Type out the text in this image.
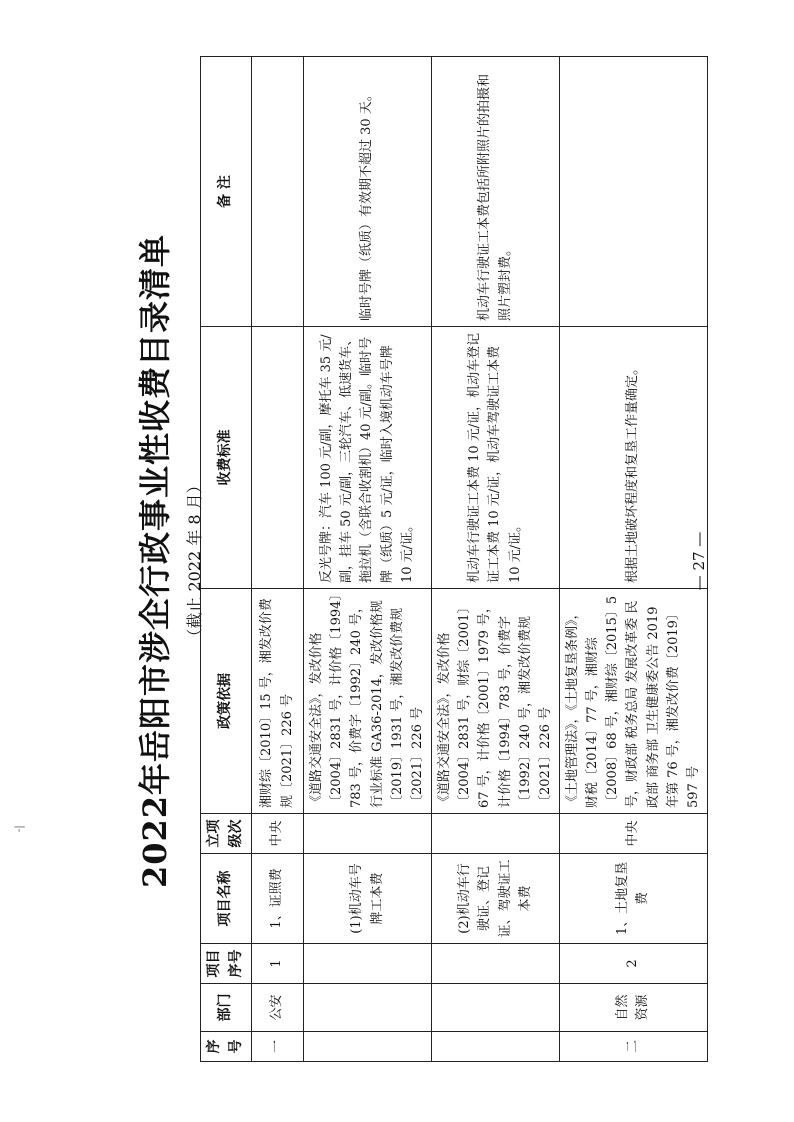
-|	2022年岳阳市涉企行政事业性收费目录清单 （截止 2022 年 8 月）
序号	部门	项目序号	项目名称	立项级次	政策依据	收费标准	备 注
一	公安	1	1、证照费	中央	湘财综〔2010〕15 号，湘发改价费规〔2021〕226 号		
			(1)机动车号牌工本费		《道路交通安全法》，发改价格〔2004〕2831 号，计价格〔1994〕783 号，价费字〔1992〕240 号，行业标准 GA36-2014，发改价格规〔2019〕1931 号，湘发改价费规〔2021〕226 号	反光号牌：汽车 100 元/副，摩托车 35 元/副，挂车 50 元/副，三轮汽车、低速货车、拖拉机（含联合收割机）40 元/副。临时号牌（纸质）5 元/证，临时入境机动车号牌 10 元/证。	临时号牌（纸质）有效期不超过 30 天。
			(2)机动车行驶证、登记证、驾驶证工本费		《道路交通安全法》，发改价格〔2004〕2831 号，财综〔2001〕67 号，计价格〔2001〕1979 号，计价格〔1994〕783 号，价费字〔1992〕240 号，湘发改价费规〔2021〕226 号	机动车行驶证工本费 10 元/证，机动车登记证工本费 10 元/证，机动车驾驶证工本费 10 元/证。	机动车行驶证工本费包括所附照片的拍摄和照片塑封费。
二	自然资源	2	1、土地复垦费	中央	《土地管理法》，《土地复垦条例》，财税〔2014〕77 号，湘财综〔2008〕68 号，湘财综〔2015〕5 号，财政部 税务总局 发展改革委 民政部 商务部 卫生健康委公告 2019 年第 76 号，湘发改价费〔2019〕597 号	根据土地破坏程度和复垦工作量确定。		— 27 —
